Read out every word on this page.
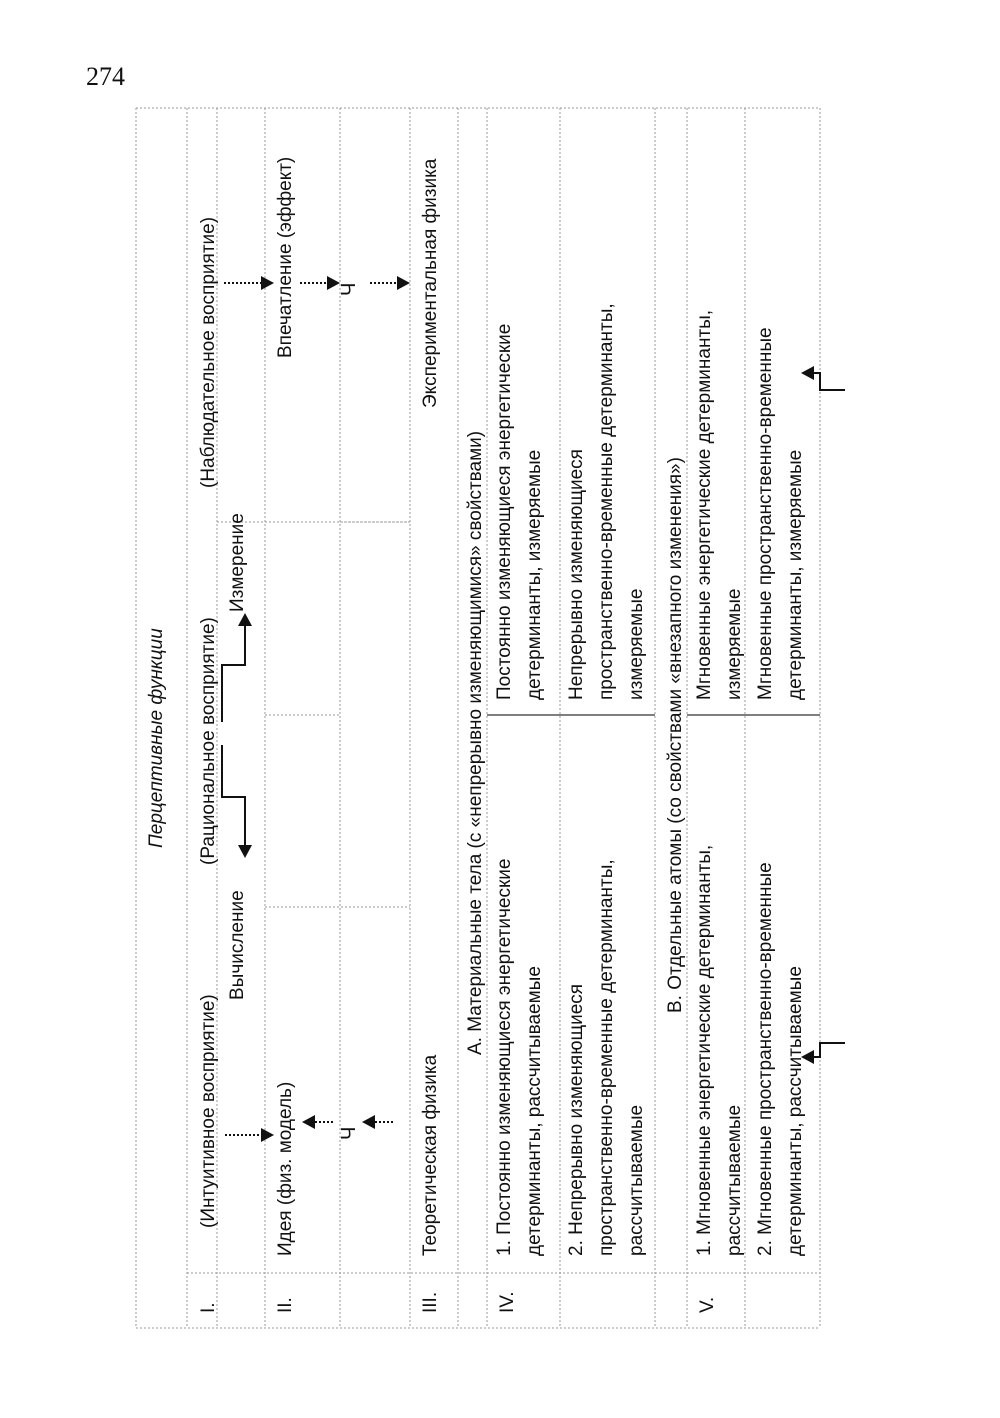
274
Перцептивные функции
I.
(Интуитивное восприятие)
(Рациональное восприятие)
(Наблюдательное восприятие)
Вычисление
Измерение
II.
Идея (физ. модель)
Впечатление (эффект)
Ч
Ч
III.
Теоретическая физика
Экспериментальная физика
А. Материальные тела (с «непрерывно изменяющимися» свойствами)
IV.
1. Постоянно изменяющиеся энергетические детерминанты, рассчитываемые	2. Непрерывно изменяющиеся пространственно-временные детерминанты, рассчитываемые
Постоянно изменяющиеся энергетические детерминанты, измеряемые	Непрерывно изменяющиеся пространственно-временные детерминанты, измеряемые В. Отдельные атомы (со свойствами «внезапного изменения»)
V.
1. Мгновенные энергетические детерминанты, рассчитываемые 2. Мгновенные пространственно-временные детерминанты, рассчитываемые
Мгновенные энергетические детерминанты, измеряемые Мгновенные пространственно-временные детерминанты, измеряемые
